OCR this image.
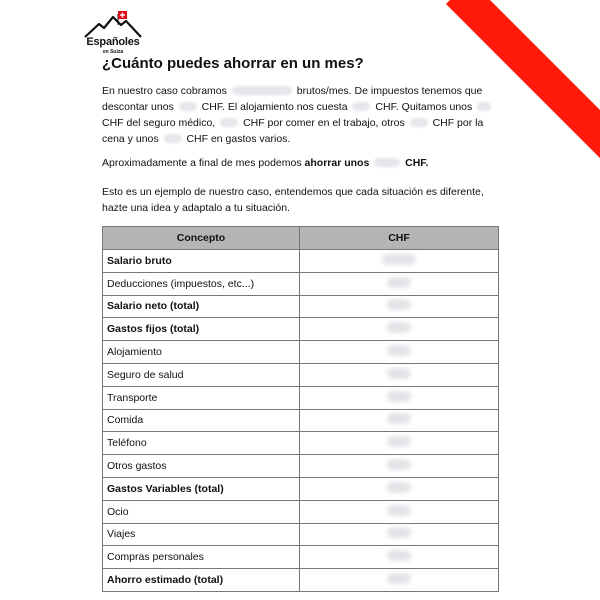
Españoles
en Suiza
¿Cuánto puedes ahorrar en un mes?
En nuestro caso cobramos	brutos/mes. De impuestos tenemos que descontar unos	CHF. El alojamiento nos cuesta	CHF. Quitamos unos  CHF del seguro médico,	CHF por comer en el trabajo, otros	CHF por la cena y unos	CHF en gastos varios.
Aproximadamente a final de mes podemos ahorrar unos	CHF.
Esto es un ejemplo de nuestro caso, entendemos que cada situación es diferente, hazte una idea y adaptalo a tu situación.
Concepto	CHF
Salario bruto	
Deducciones (impuestos, etc...)	
Salario neto (total)	
Gastos fijos (total)	
Alojamiento	
Seguro de salud	
Transporte	
Comida	
Teléfono	
Otros gastos	
Gastos Variables (total)	
Ocio	
Viajes	
Compras personales	
Ahorro estimado (total)	
